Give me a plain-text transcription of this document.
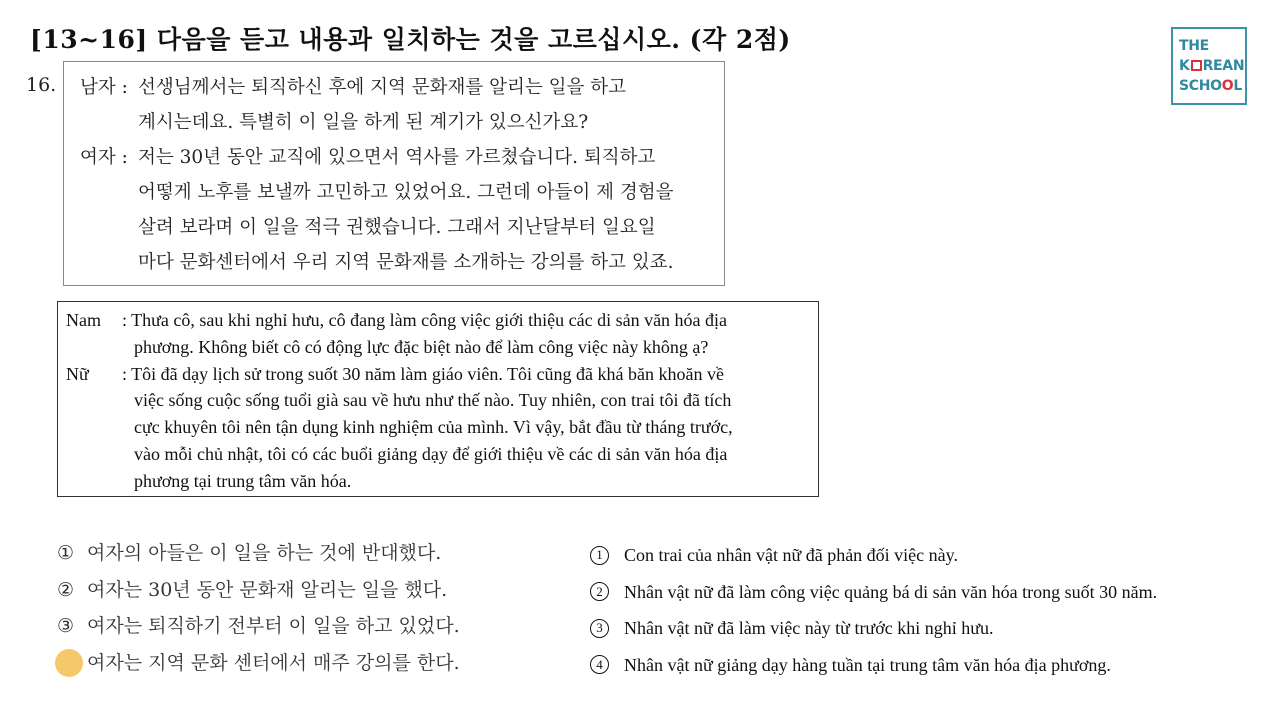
[13~16] 다음을 듣고 내용과 일치하는 것을 고르십시오. (각 2점)	THE
K REAN
SCHOOL
16. 남자 : 선생님께서는 퇴직하신 후에 지역 문화재를 알리는 일을 하고
계시는데요. 특별히 이 일을 하게 된 계기가 있으신가요?
여자 : 저는 30년 동안 교직에 있으면서 역사를 가르쳤습니다. 퇴직하고
어떻게 노후를 보낼까 고민하고 있었어요. 그런데 아들이 제 경험을
살려 보라며 이 일을 적극 권했습니다. 그래서 지난달부터 일요일
마다 문화센터에서 우리 지역 문화재를 소개하는 강의를 하고 있죠.
Nam	: Thưa cô, sau khi nghỉ hưu, cô đang làm công việc giới thiệu các di sản văn hóa địa
phương. Không biết cô có động lực đặc biệt nào để làm công việc này không ạ?
Nữ	: Tôi đã dạy lịch sử trong suốt 30 năm làm giáo viên. Tôi cũng đã khá băn khoăn về
việc sống cuộc sống tuổi già sau về hưu như thế nào. Tuy nhiên, con trai tôi đã tích
cực khuyên tôi nên tận dụng kinh nghiệm của mình. Vì vậy, bắt đầu từ tháng trước,
vào mỗi chủ nhật, tôi có các buổi giảng dạy để giới thiệu về các di sản văn hóa địa
phương tại trung tâm văn hóa.
① 여자의 아들은 이 일을 하는 것에 반대했다.
② 여자는 30년 동안 문화재 알리는 일을 했다.
③ 여자는 퇴직하기 전부터 이 일을 하고 있었다.
여자는 지역 문화 센터에서 매주 강의를 한다.
1	Con trai của nhân vật nữ đã phản đối việc này.
2	Nhân vật nữ đã làm công việc quảng bá di sản văn hóa trong suốt 30 năm.
3	Nhân vật nữ đã làm việc này từ trước khi nghỉ hưu.
4	Nhân vật nữ giảng dạy hàng tuần tại trung tâm văn hóa địa phương.
